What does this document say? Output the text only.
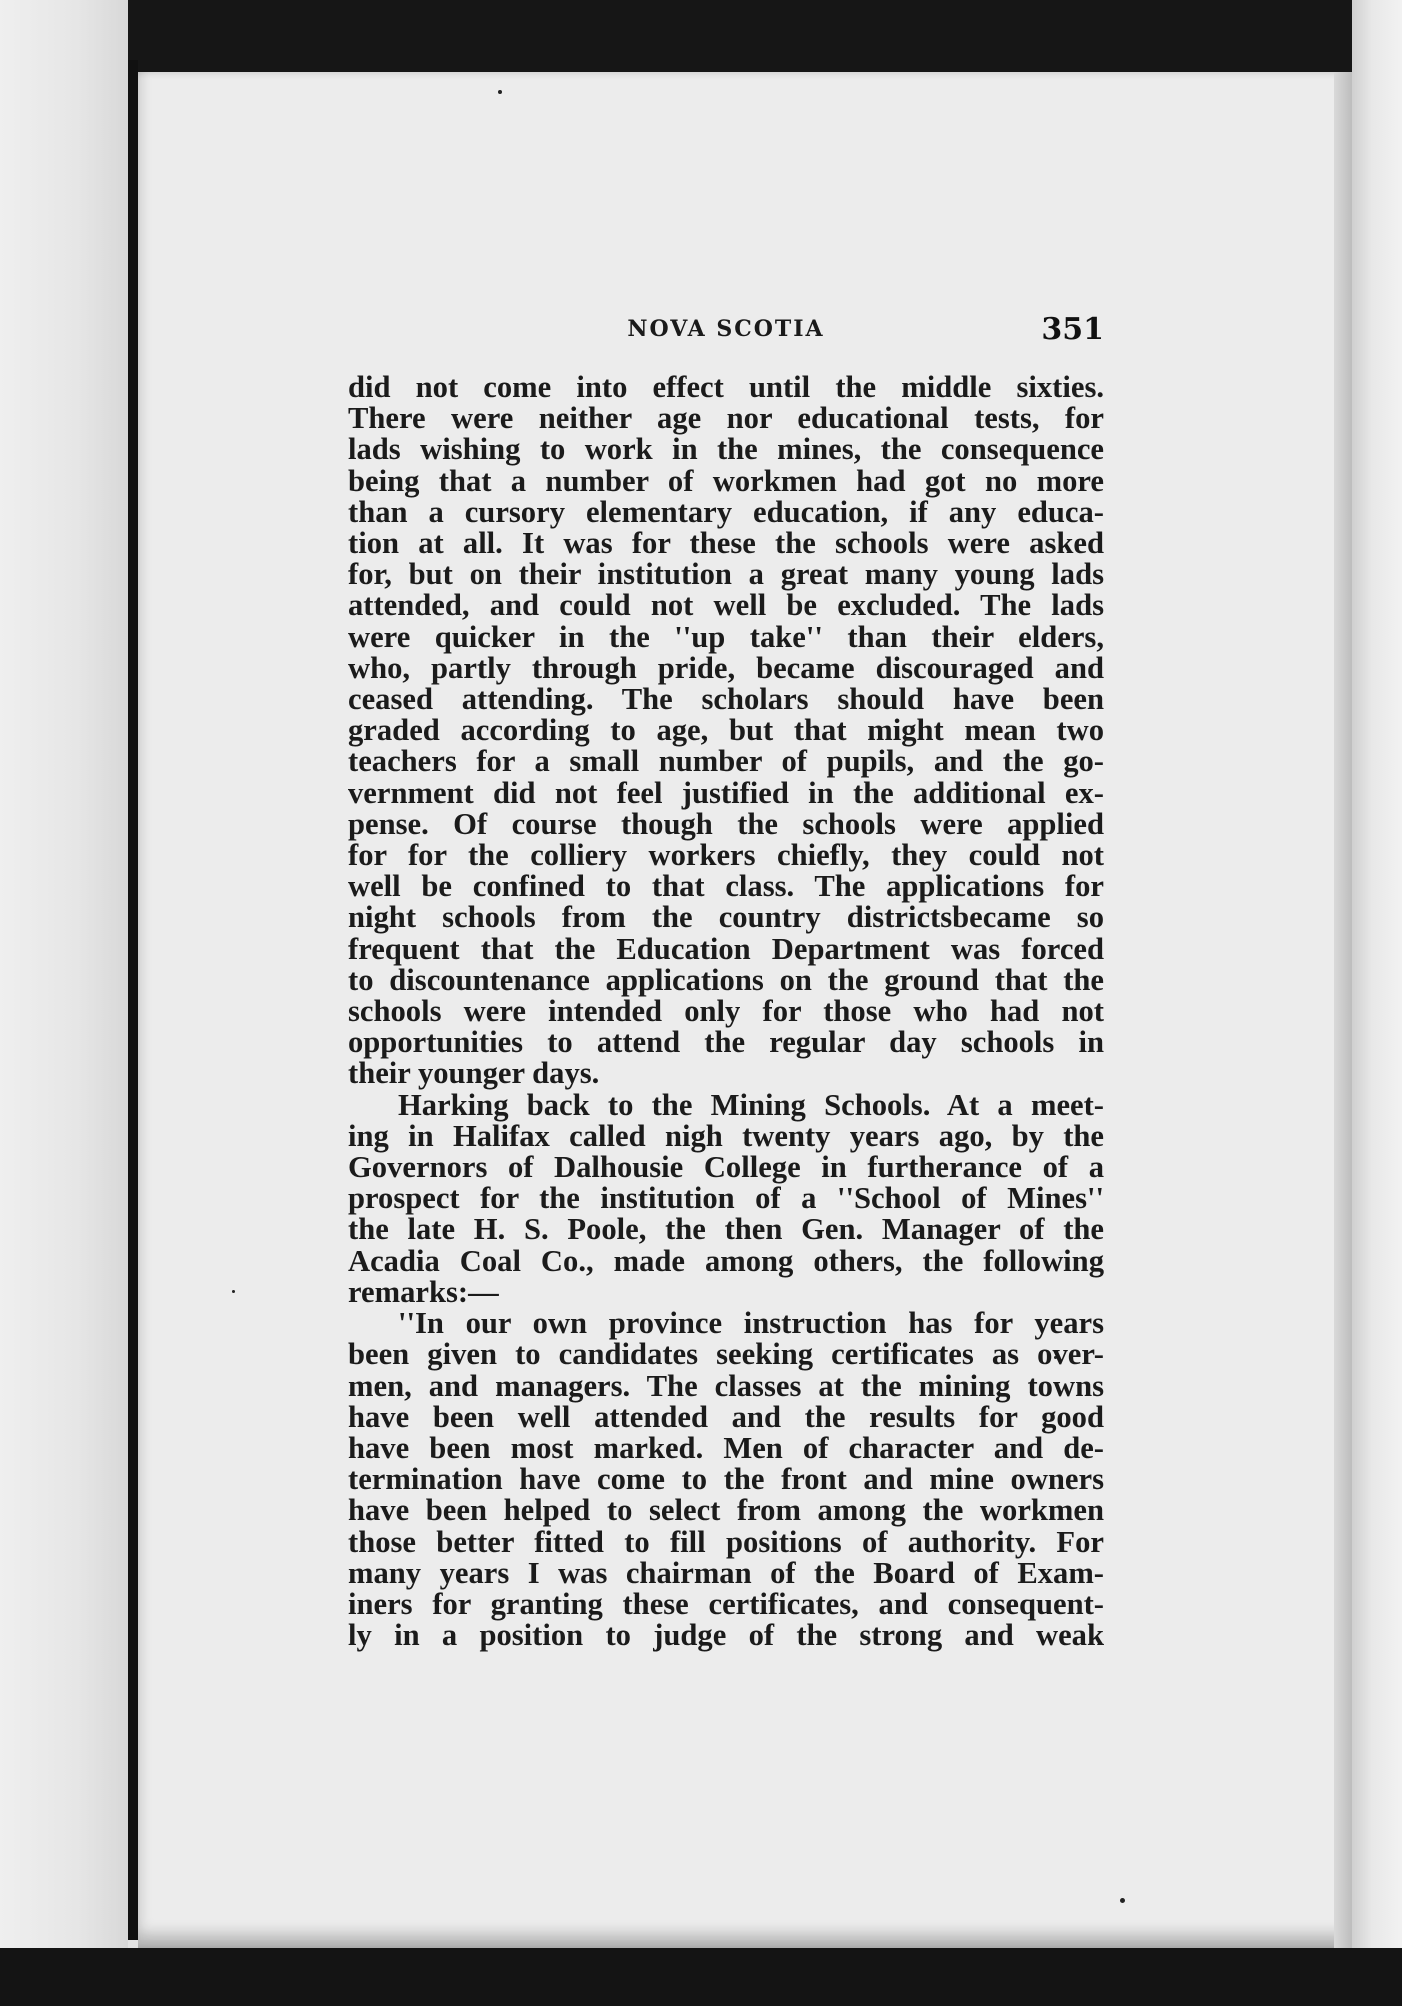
NOVA SCOTIA	351
did not come into effect until the middle sixties.
There were neither age nor educational tests, for
lads wishing to work in the mines, the consequence
being that a number of workmen had got no more
than a cursory elementary education, if any educa-
tion at all. It was for these the schools were asked
for, but on their institution a great many young lads
attended, and could not well be excluded. The lads
were quicker in the ''up take'' than their elders,
who, partly through pride, became discouraged and
ceased attending. The scholars should have been
graded according to age, but that might mean two
teachers for a small number of pupils, and the go-
vernment did not feel justified in the additional ex-
pense. Of course though the schools were applied
for for the colliery workers chiefly, they could not
well be confined to that class. The applications for
night schools from the country districtsbecame so
frequent that the Education Department was forced
to discountenance applications on the ground that the
schools were intended only for those who had not
opportunities to attend the regular day schools in
their younger days.
Harking back to the Mining Schools. At a meet-
ing in Halifax called nigh twenty years ago, by the
Governors of Dalhousie College in furtherance of a
prospect for the institution of a ''School of Mines''
the late H. S. Poole, the then Gen. Manager of the
Acadia Coal Co., made among others, the following
remarks:—
''In our own province instruction has for years
been given to candidates seeking certificates as over-
men, and managers. The classes at the mining towns
have been well attended and the results for good
have been most marked. Men of character and de-
termination have come to the front and mine owners
have been helped to select from among the workmen
those better fitted to fill positions of authority. For
many years I was chairman of the Board of Exam-
iners for granting these certificates, and consequent-
ly in a position to judge of the strong and weak
